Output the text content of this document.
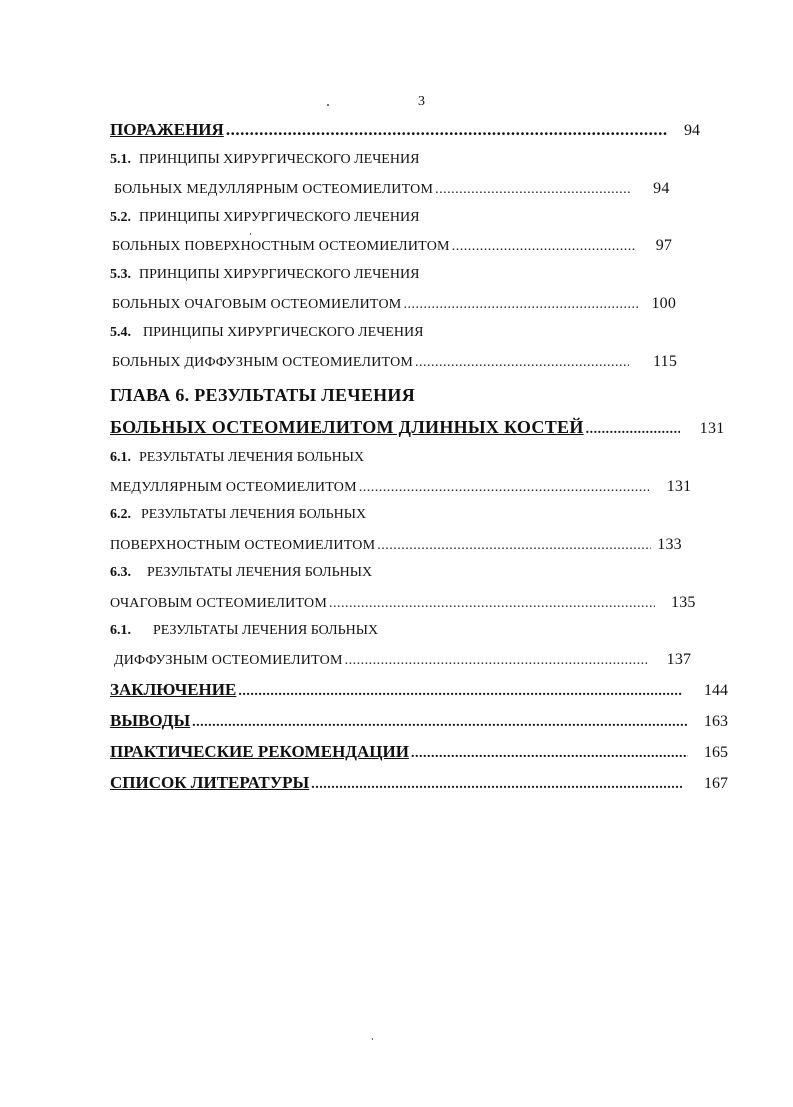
3
ПОРАЖЕНИЯ .....	94
5.1. ПРИНЦИПЫ ХИРУРГИЧЕСКОГО ЛЕЧЕНИЯ
БОЛЬНЫХ МЕДУЛЛЯРНЫМ ОСТЕОМИЕЛИТОМ .....	94
5.2. ПРИНЦИПЫ ХИРУРГИЧЕСКОГО ЛЕЧЕНИЯ
БОЛЬНЫХ ПОВЕРХНОСТНЫМ ОСТЕОМИЕЛИТОМ .....	97
5.3. ПРИНЦИПЫ ХИРУРГИЧЕСКОГО ЛЕЧЕНИЯ
БОЛЬНЫХ ОЧАГОВЫМ ОСТЕОМИЕЛИТОМ .....	100
5.4. ПРИНЦИПЫ ХИРУРГИЧЕСКОГО ЛЕЧЕНИЯ
БОЛЬНЫХ ДИФФУЗНЫМ ОСТЕОМИЕЛИТОМ .....	115
ГЛАВА 6. РЕЗУЛЬТАТЫ ЛЕЧЕНИЯ
БОЛЬНЫХ ОСТЕОМИЕЛИТОМ ДЛИННЫХ КОСТЕЙ .....	131
6.1. РЕЗУЛЬТАТЫ ЛЕЧЕНИЯ БОЛЬНЫХ
МЕДУЛЛЯРНЫМ ОСТЕОМИЕЛИТОМ .....	131
6.2. РЕЗУЛЬТАТЫ ЛЕЧЕНИЯ БОЛЬНЫХ
ПОВЕРХНОСТНЫМ ОСТЕОМИЕЛИТОМ .....	133
6.3. РЕЗУЛЬТАТЫ ЛЕЧЕНИЯ БОЛЬНЫХ
ОЧАГОВЫМ ОСТЕОМИЕЛИТОМ .....	135
6.1. РЕЗУЛЬТАТЫ ЛЕЧЕНИЯ БОЛЬНЫХ
ДИФФУЗНЫМ ОСТЕОМИЕЛИТОМ .....	137
ЗАКЛЮЧЕНИЕ .....	144
ВЫВОДЫ .....	163
ПРАКТИЧЕСКИЕ РЕКОМЕНДАЦИИ .....	165
СПИСОК ЛИТЕРАТУРЫ .....	167
